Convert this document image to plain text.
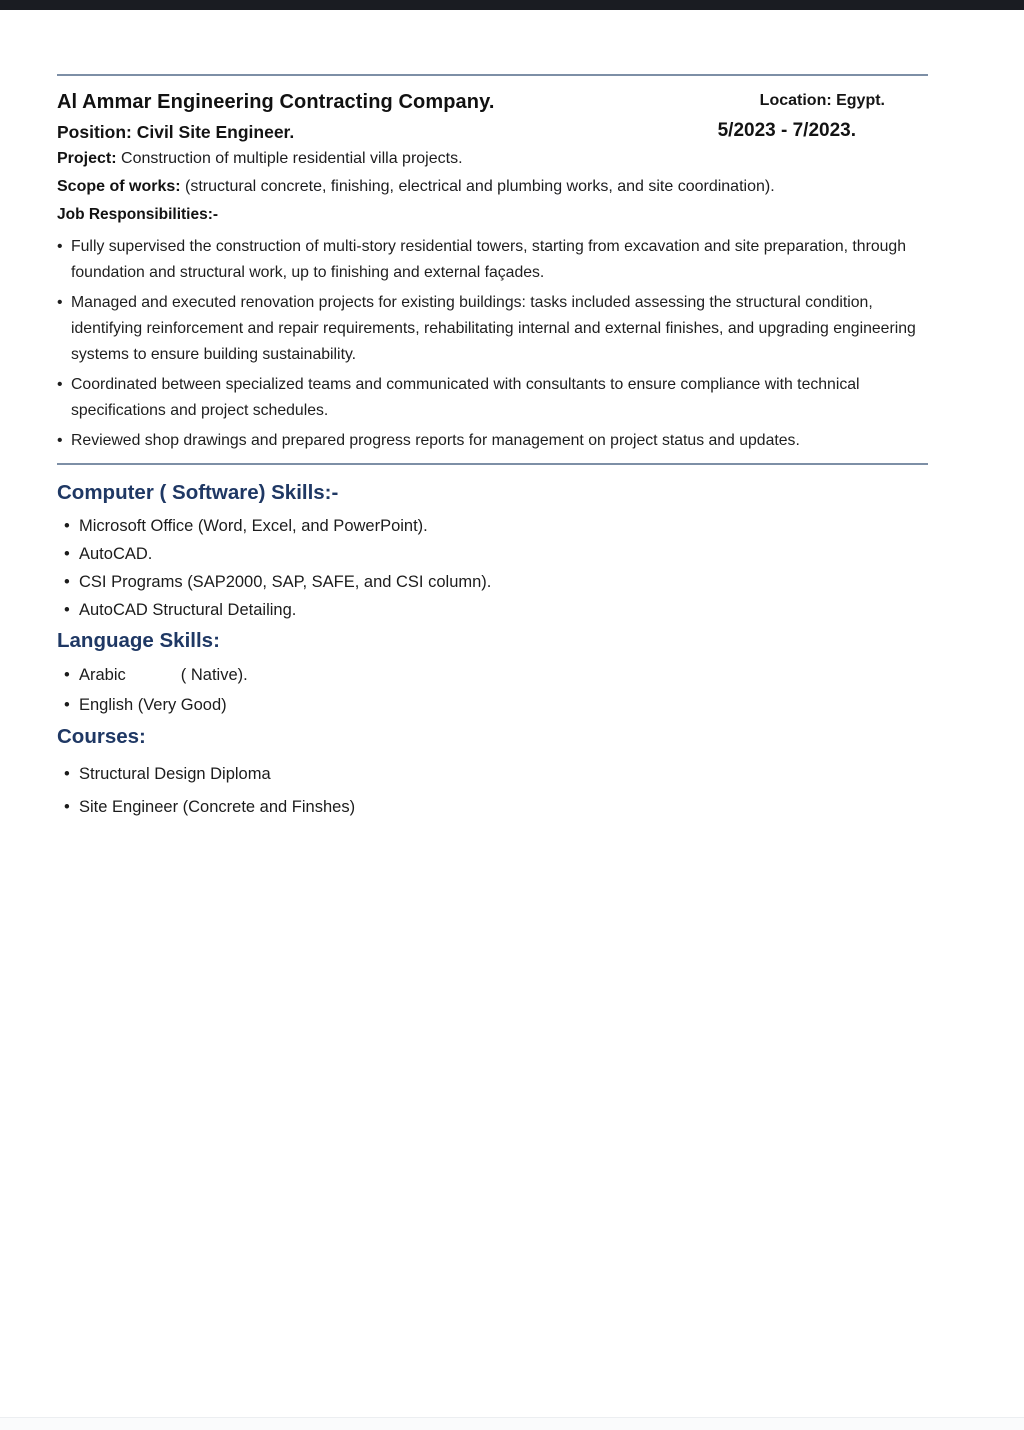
Al Ammar Engineering Contracting Company.	Location: Egypt.
Position: Civil Site Engineer.	5/2023 - 7/2023.
Project: Construction of multiple residential villa projects.
Scope of works: (structural concrete, finishing, electrical and plumbing works, and site coordination).
Job Responsibilities:-
• Fully supervised the construction of multi-story residential towers, starting from excavation and site preparation, through foundation and structural work, up to finishing and external façades.
• Managed and executed renovation projects for existing buildings: tasks included assessing the structural condition, identifying reinforcement and repair requirements, rehabilitating internal and external finishes, and upgrading engineering systems to ensure building sustainability.
• Coordinated between specialized teams and communicated with consultants to ensure compliance with technical specifications and project schedules.
• Reviewed shop drawings and prepared progress reports for management on project status and updates.
Computer ( Software) Skills:-
• Microsoft Office (Word, Excel, and PowerPoint).
• AutoCAD.
• CSI Programs (SAP2000, SAP, SAFE, and CSI column).
• AutoCAD Structural Detailing.
Language Skills:
• Arabic            ( Native).
• English (Very Good)
Courses:
• Structural Design Diploma
• Site Engineer (Concrete and Finshes)
